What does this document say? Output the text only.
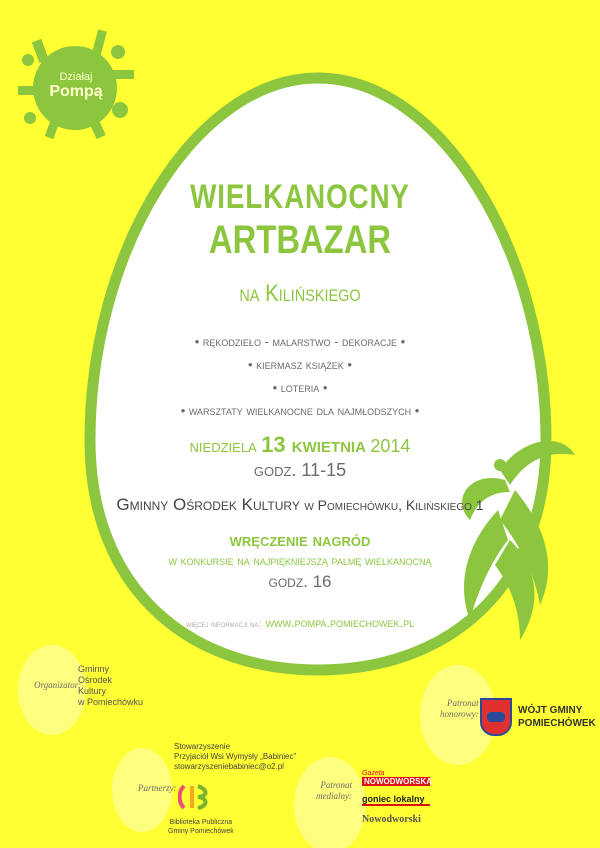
Działaj
Pompą
WIELKANOCNY
ARTBAZAR
na Kilińskiego
• rękodzieło - malarstwo - dekoracje •
• kiermasz książek •
• loteria •
• warsztaty wielkanocne dla najmłodszych •
niedziela 13 kwietnia 2014
godz. 11-15
Gminny Ośrodek Kultury w Pomiechówku, Kilińskiego 1
wręczenie nagród
w konkursie na najpiękniejszą palmę wielkanocną
godz. 16
więcej informacji na: www.pompa.pomiechowek.pl
Organizator:
Gminny
Ośrodek
Kultury
w Pomiechówku	Patronat
honorowy:	WÓJT GMINY
POMIECHÓWEK
Partnerzy:
Stowarzyszenie
Przyjaciół Wsi Wymysły „Babiniec”
stowarzyszeniebabiniec@o2.pl
Biblioteka Publiczna
Gminy Pomiechówek
Patronat
medialny:
Gazeta
NOWODWORSKA
goniec lokalny
Nowodworski
